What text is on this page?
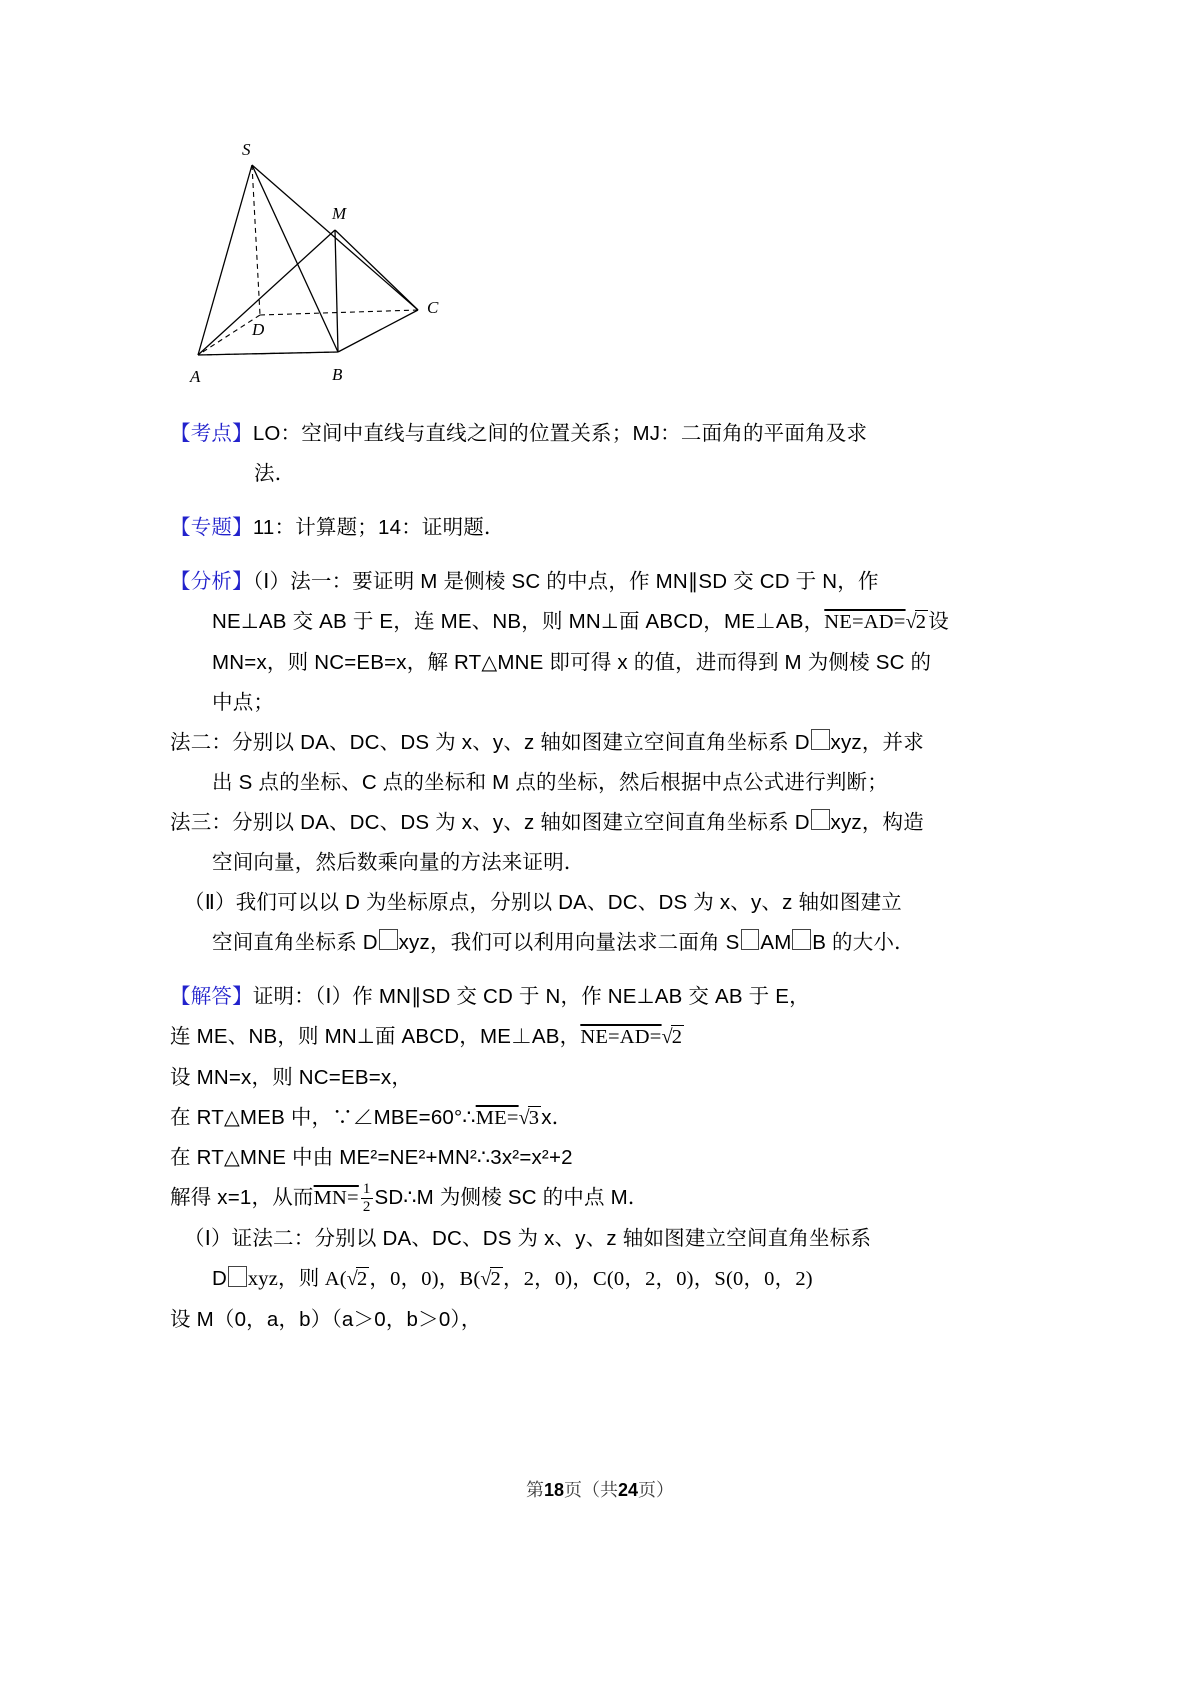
S
M
C
D
A	B
【考点】LO：空间中直线与直线之间的位置关系；MJ：二面角的平面角及求
法．
【专题】11：计算题；14：证明题．
【分析】（Ⅰ）法一：要证明 M 是侧棱 SC 的中点，作 MN∥SD 交 CD 于 N，作
NE⊥AB 交 AB 于 E，连 ME、NB，则 MN⊥面 ABCD，ME⊥AB，NE=AD=√2设
MN=x，则 NC=EB=x，解 RT△MNE 即可得 x 的值，进而得到 M 为侧棱 SC 的
中点；
法二：分别以 DA、DC、DS 为 x、y、z 轴如图建立空间直角坐标系 D xyz，并求
出 S 点的坐标、C 点的坐标和 M 点的坐标，然后根据中点公式进行判断；
法三：分别以 DA、DC、DS 为 x、y、z 轴如图建立空间直角坐标系 D xyz，构造
空间向量，然后数乘向量的方法来证明．
（Ⅱ）我们可以以 D 为坐标原点，分别以 DA、DC、DS 为 x、y、z 轴如图建立
空间直角坐标系 D xyz，我们可以利用向量法求二面角 S AM B 的大小．
【解答】证明：（Ⅰ）作 MN∥SD 交 CD 于 N，作 NE⊥AB 交 AB 于 E，
连 ME、NB，则 MN⊥面 ABCD，ME⊥AB，NE=AD=√2
设 MN=x，则 NC=EB=x，
在 RT△MEB 中，∵∠MBE=60°∴ME=√3x．
在 RT△MNE 中由 ME²=NE²+MN²∴3x²=x²+2
解得 x=1，从而$MN= \frac{1}{2}$ SD∴M 为侧棱 SC 的中点 M．
（Ⅰ）证法二：分别以 DA、DC、DS 为 x、y、z 轴如图建立空间直角坐标系
D xyz，则 A(√2，0，0)，B(√2，2，0)，C(0，2，0)，S(0，0，2)
设 M（0，a，b）（a＞0，b＞0），
第18页（共24页）
